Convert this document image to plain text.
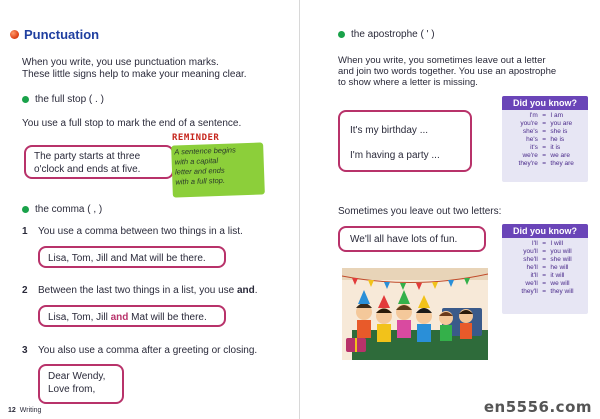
Punctuation
When you write, you use punctuation marks.
These little signs help to make your meaning clear.
the full stop ( . )
You use a full stop to mark the end of a sentence.
The party starts at three
o'clock and ends at five.
A sentence begins
with a capital
letter and ends
with a full stop.
REMINDER
the comma ( , )
1 You use a comma between two things in a list.
Lisa, Tom, Jill and Mat will be there.
2 Between the last two things in a list, you use and.
Lisa, Tom, Jill and Mat will be there.
3 You also use a comma after a greeting or closing.
Dear Wendy,
Love from,
12 Writing
the apostrophe ( ' )
When you write, you sometimes leave out a letter
and join two words together. You use an apostrophe
to show where a letter is missing.
It's my birthday ...
I'm having a party ...
Did you know?
I'm	=	I am
you're	=	you are
she's	=	she is
he's	=	he is
it's	=	it is
we're	=	we are
they're	=	they are
Sometimes you leave out two letters:
We'll all have lots of fun.
Did you know?
I'll	=	I will
you'll	=	you will
she'll	=	she will
he'll	=	he will
it'll	=	it will
we'll	=	we will
they'll	=	they will
en5556.com
